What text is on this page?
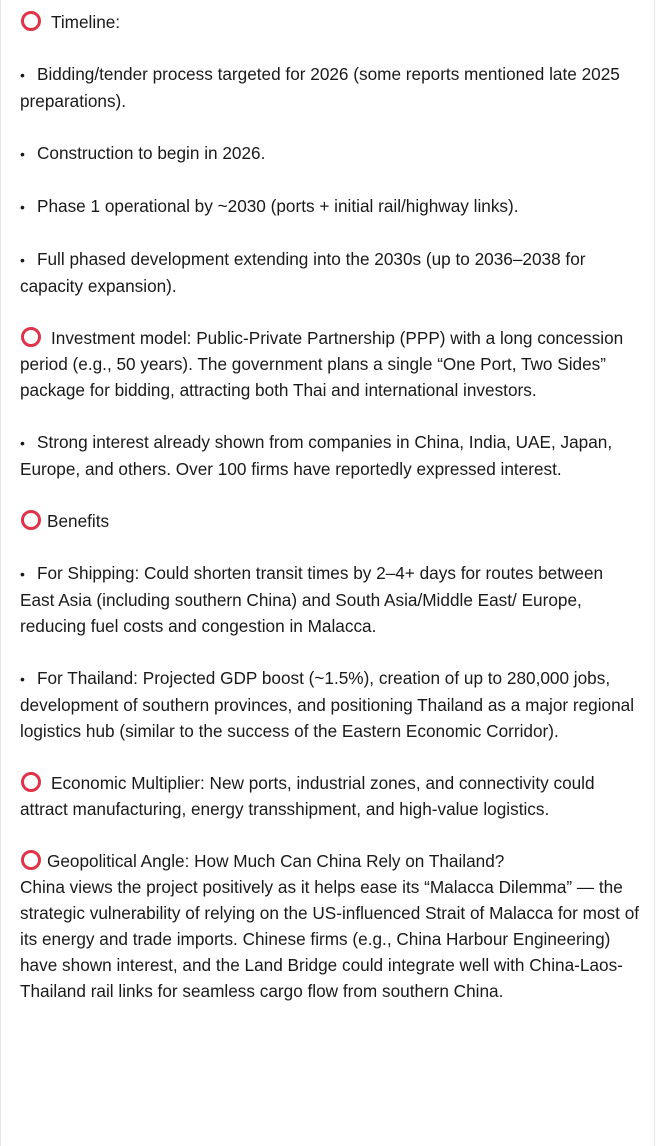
Timeline:

• Bidding/tender process targeted for 2026 (some reports mentioned late 2025 preparations).

• Construction to begin in 2026.

• Phase 1 operational by ~2030 (ports + initial rail/highway links).

• Full phased development extending into the 2030s (up to 2036–2038 for capacity expansion).

Investment model: Public-Private Partnership (PPP) with a long concession period (e.g., 50 years). The government plans a single “One Port, Two Sides” package for bidding, attracting both Thai and international investors.

• Strong interest already shown from companies in China, India, UAE, Japan, Europe, and others. Over 100 firms have reportedly expressed interest.

Benefits

• For Shipping: Could shorten transit times by 2–4+ days for routes between East Asia (including southern China) and South Asia/Middle East/ Europe, reducing fuel costs and congestion in Malacca.

• For Thailand: Projected GDP boost (~1.5%), creation of up to 280,000 jobs, development of southern provinces, and positioning Thailand as a major regional logistics hub (similar to the success of the Eastern Economic Corridor).

Economic Multiplier: New ports, industrial zones, and connectivity could attract manufacturing, energy transshipment, and high-value logistics.

Geopolitical Angle: How Much Can China Rely on Thailand?
China views the project positively as it helps ease its “Malacca Dilemma” — the strategic vulnerability of relying on the US-influenced Strait of Malacca for most of its energy and trade imports. Chinese firms (e.g., China Harbour Engineering) have shown interest, and the Land Bridge could integrate well with China-Laos-Thailand rail links for seamless cargo flow from southern China.
